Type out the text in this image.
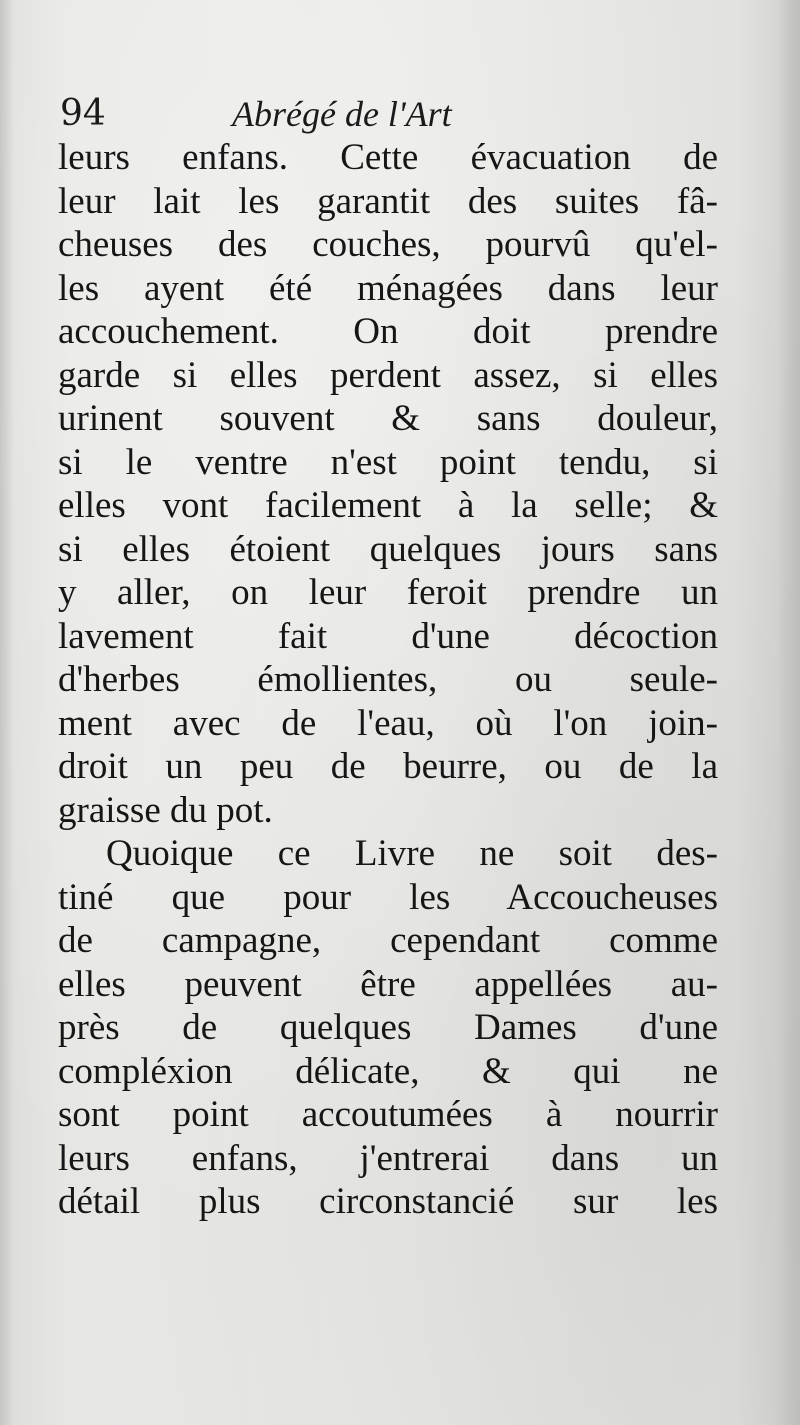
94	Abrégé de l'Art
leurs enfans. Cette évacuation de
leur lait les garantit des suites fâ-
cheuses des couches, pourvû qu'el-
les ayent été ménagées dans leur
accouchement. On doit prendre
garde si elles perdent assez, si elles
urinent souvent & sans douleur,
si le ventre n'est point tendu, si
elles vont facilement à la selle; &
si elles étoient quelques jours sans
y aller, on leur feroit prendre un
lavement fait d'une décoction
d'herbes émollientes, ou seule-
ment avec de l'eau, où l'on join-
droit un peu de beurre, ou de la
graisse du pot.
Quoique ce Livre ne soit des-
tiné que pour les Accoucheuses
de campagne, cependant comme
elles peuvent être appellées au-
près de quelques Dames d'une
compléxion délicate, & qui ne
sont point accoutumées à nourrir
leurs enfans, j'entrerai dans un
détail plus circonstancié sur les
